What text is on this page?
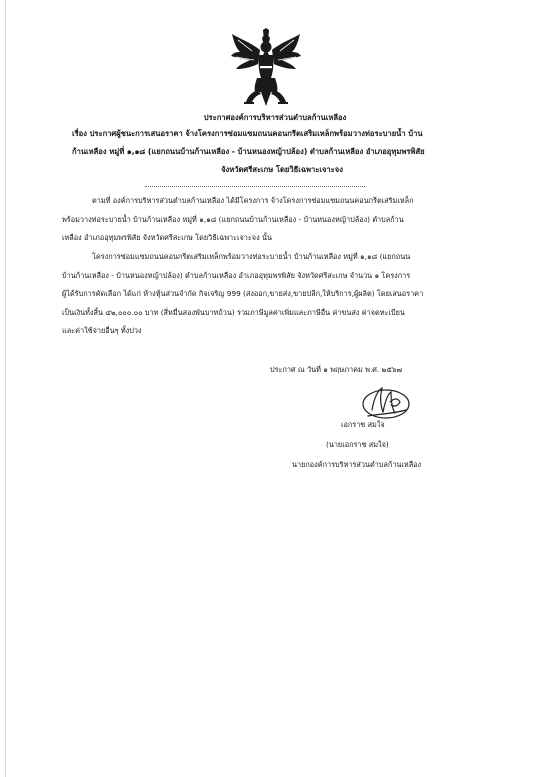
ประกาศองค์การบริหารส่วนตำบลก้านเหลือง
เรื่อง ประกาศผู้ชนะการเสนอราคา จ้างโครงการซ่อมแซมถนนคอนกรีตเสริมเหล็กพร้อมวางท่อระบายน้ำ บ้าน
ก้านเหลือง หมู่ที่ ๑,๑๘ (แยกถนนบ้านก้านเหลือง - บ้านหนองหญ้าปล้อง) ตำบลก้านเหลือง อำเภออุทุมพรพิสัย
จังหวัดศรีสะเกษ โดยวิธีเฉพาะเจาะจง
ตามที่ องค์การบริหารส่วนตำบลก้านเหลือง ได้มีโครงการ จ้างโครงการซ่อมแซมถนนคอนกรีตเสริมเหล็ก
พร้อมวางท่อระบายน้ำ บ้านก้านเหลือง หมู่ที่ ๑,๑๘ (แยกถนนบ้านก้านเหลือง - บ้านหนองหญ้าปล้อง) ตำบลก้าน
เหลือง อำเภออุทุมพรพิสัย จังหวัดศรีสะเกษ โดยวิธีเฉพาะเจาะจง นั้น
โครงการซ่อมแซมถนนคอนกรีตเสริมเหล็กพร้อมวางท่อระบายน้ำ บ้านก้านเหลือง หมู่ที่ ๑,๑๘ (แยกถนน
บ้านก้านเหลือง - บ้านหนองหญ้าปล้อง) ตำบลก้านเหลือง อำเภออุทุมพรพิสัย จังหวัดศรีสะเกษ จำนวน ๑ โครงการ
ผู้ได้รับการคัดเลือก ได้แก่ ห้างหุ้นส่วนจำกัด กิจเจริญ 999 (ส่งออก,ขายส่ง,ขายปลีก,ให้บริการ,ผู้ผลิต) โดยเสนอราคา
เป็นเงินทั้งสิ้น ๔๒,๐๐๐.๐๐ บาท (สี่หมื่นสองพันบาทถ้วน) รวมภาษีมูลค่าเพิ่มและภาษีอื่น ค่าขนส่ง ค่าจดทะเบียน
และค่าใช้จ่ายอื่นๆ ทั้งปวง
ประกาศ ณ วันที่ ๑ พฤษภาคม พ.ศ. ๒๕๖๗
เอกราช สมใจ
(นายเอกราช สมใจ)
นายกองค์การบริหารส่วนตำบลก้านเหลือง
